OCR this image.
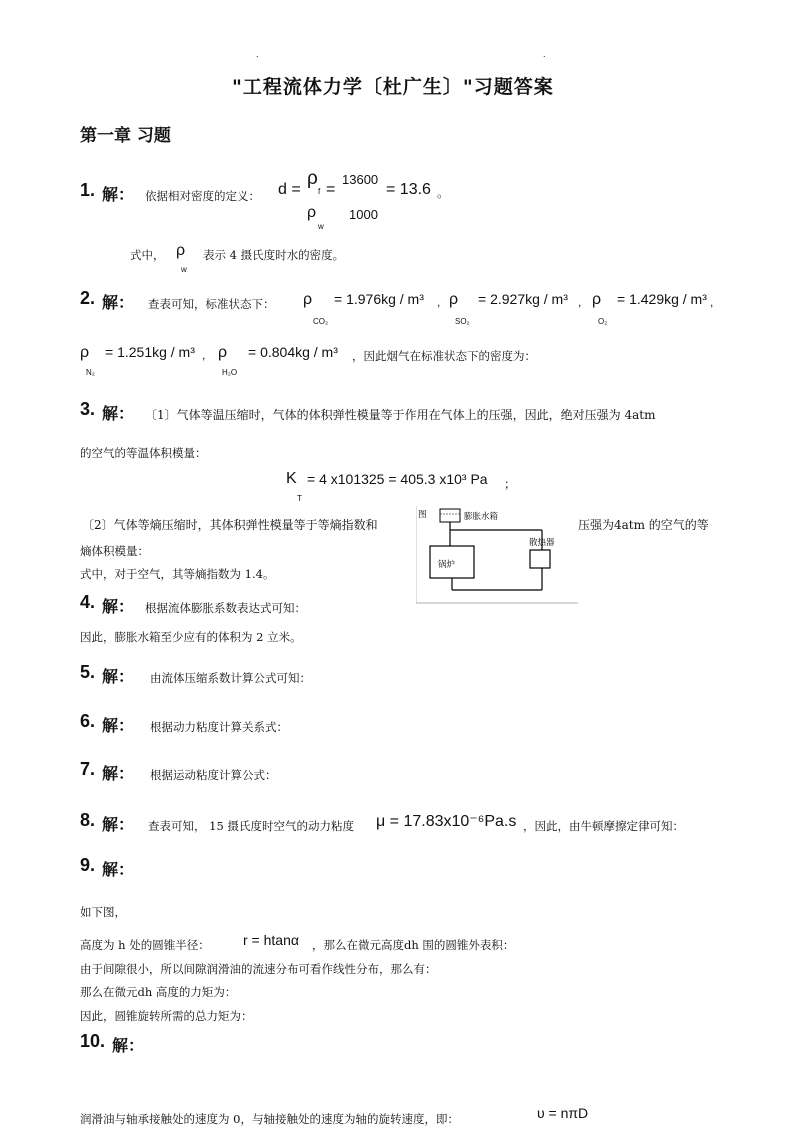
.	.
"工程流体力学〔杜广生〕"习题答案
第一章 习题
1. 解： 依据相对密度的定义： d =
ρ
f =
13600
= 13.6 。
ρ
w
1000
式中， ρ
w
表示 4 摄氏度时水的密度。
2. 解： 查表可知，标准状态下： ρ = 1.976kg / m³
CO₂
, ρ = 2.927kg / m³
SO₂
, ρ = 1.429kg / m³
O₂
,
ρ = 1.251kg / m³
N₂
, ρ = 0.804kg / m³
H₂O
，因此烟气在标准状态下的密度为：
3. 解： 〔1〕气体等温压缩时，气体的体积弹性模量等于作用在气体上的压强，因此，绝对压强为 4atm
的空气的等温体积模量：
K
T
= 4 x101325 = 405.3 x10³ Pa ；
〔2〕气体等熵压缩时，其体积弹性模量等于等熵指数和	压强为4atm 的空气的等
熵体积模量：
式中，对于空气，其等熵指数为 1.4。
图	膨胀水箱
锅炉
散热器
4. 解： 根据流体膨胀系数表达式可知：
因此，膨胀水箱至少应有的体积为 2 立米。
5. 解： 由流体压缩系数计算公式可知：
6. 解： 根据动力粘度计算关系式：
7. 解： 根据运动粘度计算公式：
8. 解： 查表可知， 15 摄氏度时空气的动力粘度 μ = 17.83x10⁻⁶Pa.s ，因此，由牛顿摩擦定律可知：
9. 解：
如下图，
高度为 h 处的圆锥半径： r = htanα ，那么在微元高度dh 围的圆锥外表积：
由于间隙很小，所以间隙润滑油的流速分布可看作线性分布，那么有：
那么在微元dh 高度的力矩为：
因此，圆锥旋转所需的总力矩为：
10. 解：
润滑油与轴承接触处的速度为 0，与轴接触处的速度为轴的旋转速度，即：	υ = nπD
